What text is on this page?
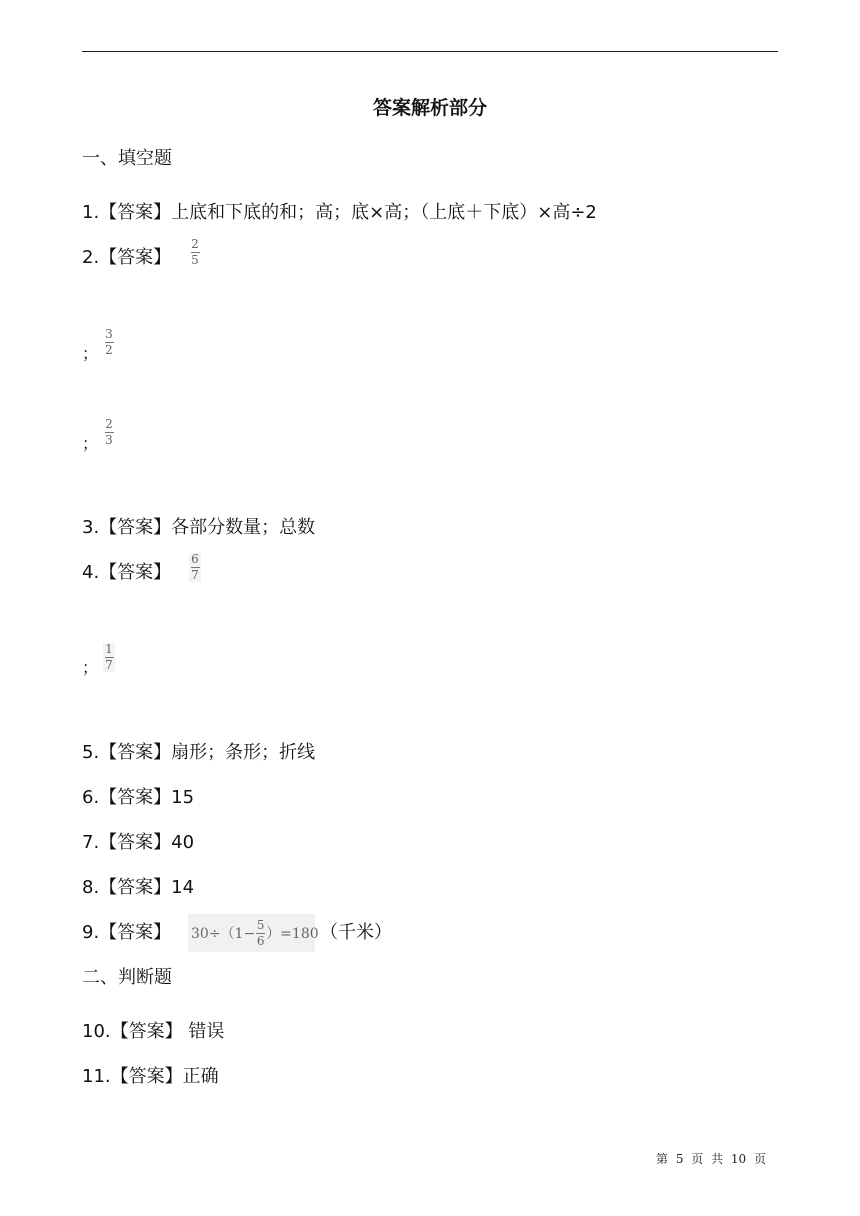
答案解析部分
一、填空题
1.【答案】上底和下底的和；高；底×高；（上底＋下底）×高÷2
2.【答案】
2
5
；
3
2
；
2
3
3.【答案】各部分数量；总数
4.【答案】
6
7
；
1
7
5.【答案】扇形；条形；折线
6.【答案】15
7.【答案】40
8.【答案】14
9.【答案】 30÷（1−
5
6 ）=180 （千米）
二、判断题
10.【答案】 错误
11.【答案】正确
第 5 页 共 10 页
